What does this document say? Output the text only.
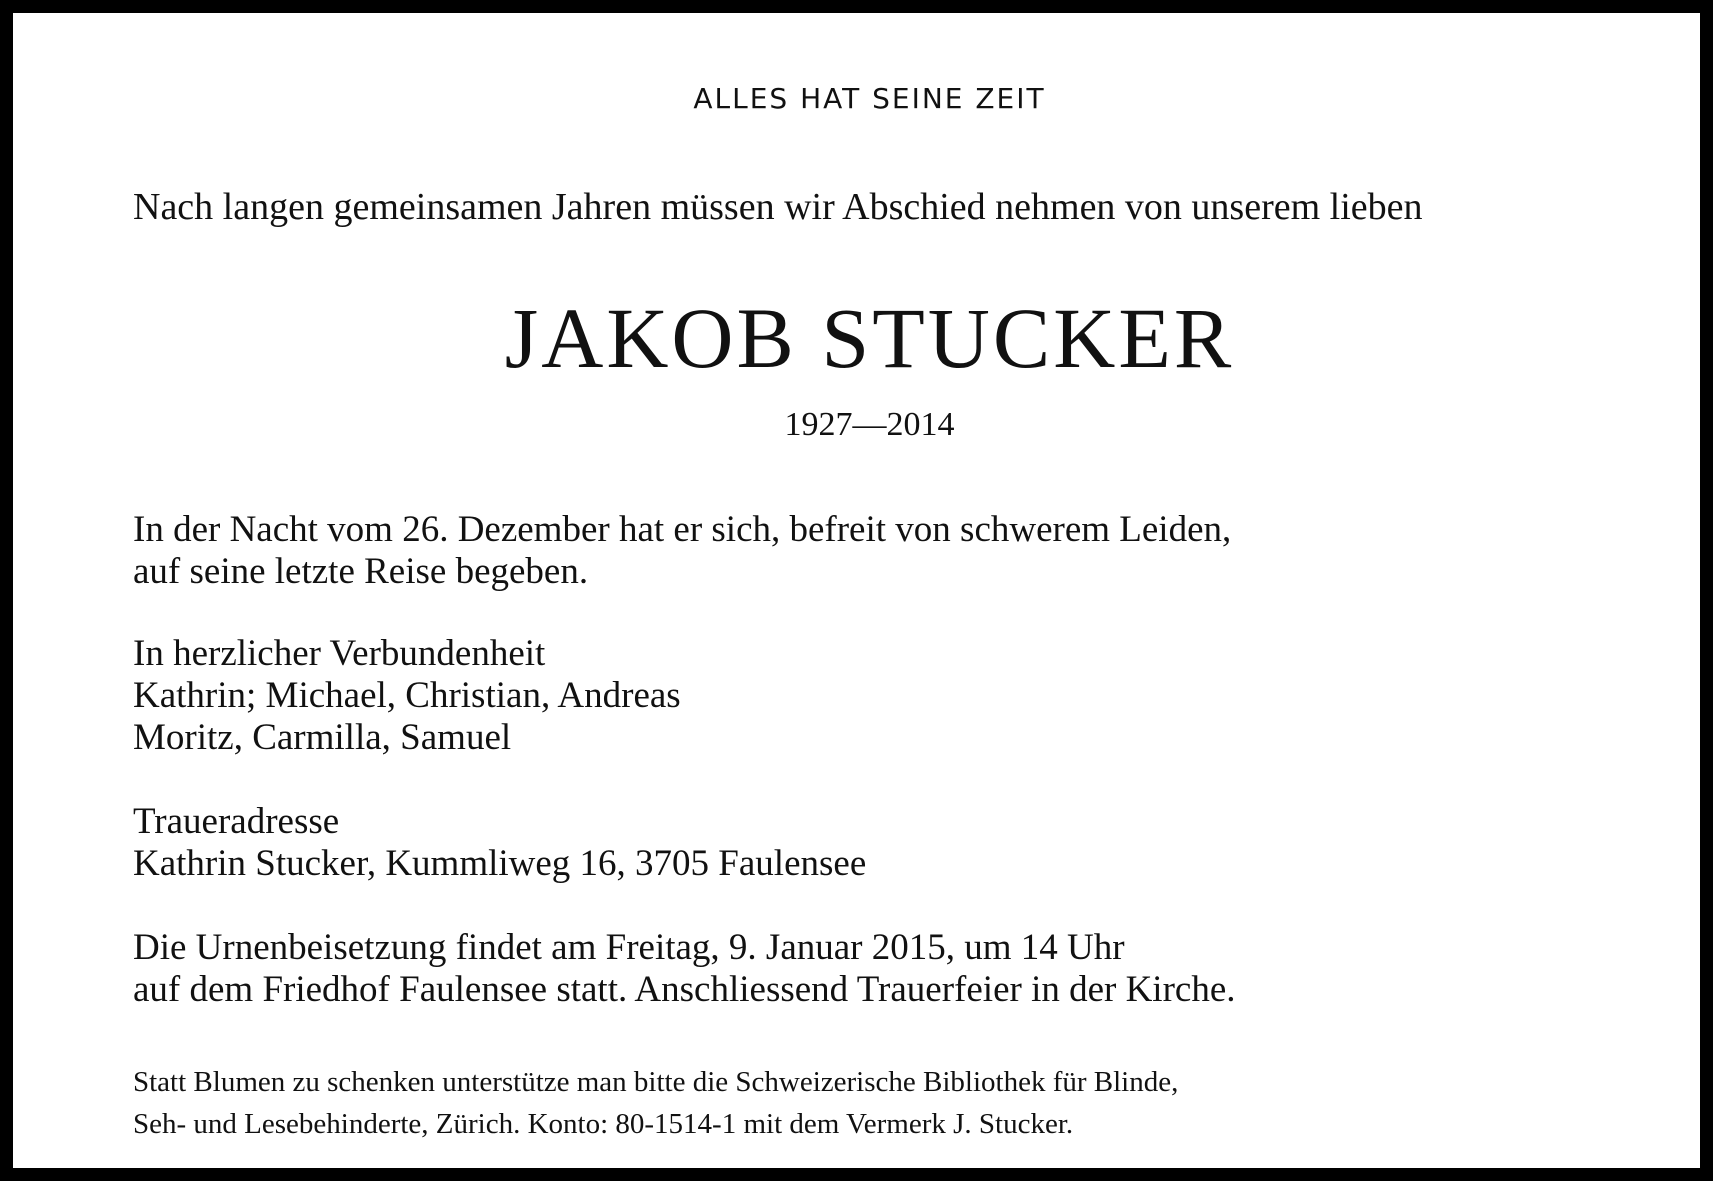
ALLES HAT SEINE ZEIT
Nach langen gemeinsamen Jahren müssen wir Abschied nehmen von unserem lieben
JAKOB STUCKER
1927—2014
In der Nacht vom 26. Dezember hat er sich, befreit von schwerem Leiden,
auf seine letzte Reise begeben.
In herzlicher Verbundenheit
Kathrin; Michael, Christian, Andreas
Moritz, Carmilla, Samuel
Traueradresse
Kathrin Stucker, Kummliweg 16, 3705 Faulensee
Die Urnenbeisetzung findet am Freitag, 9. Januar 2015, um 14 Uhr
auf dem Friedhof Faulensee statt. Anschliessend Trauerfeier in der Kirche.
Statt Blumen zu schenken unterstütze man bitte die Schweizerische Bibliothek für Blinde,
Seh- und Lesebehinderte, Zürich. Konto: 80-1514-1 mit dem Vermerk J. Stucker.
